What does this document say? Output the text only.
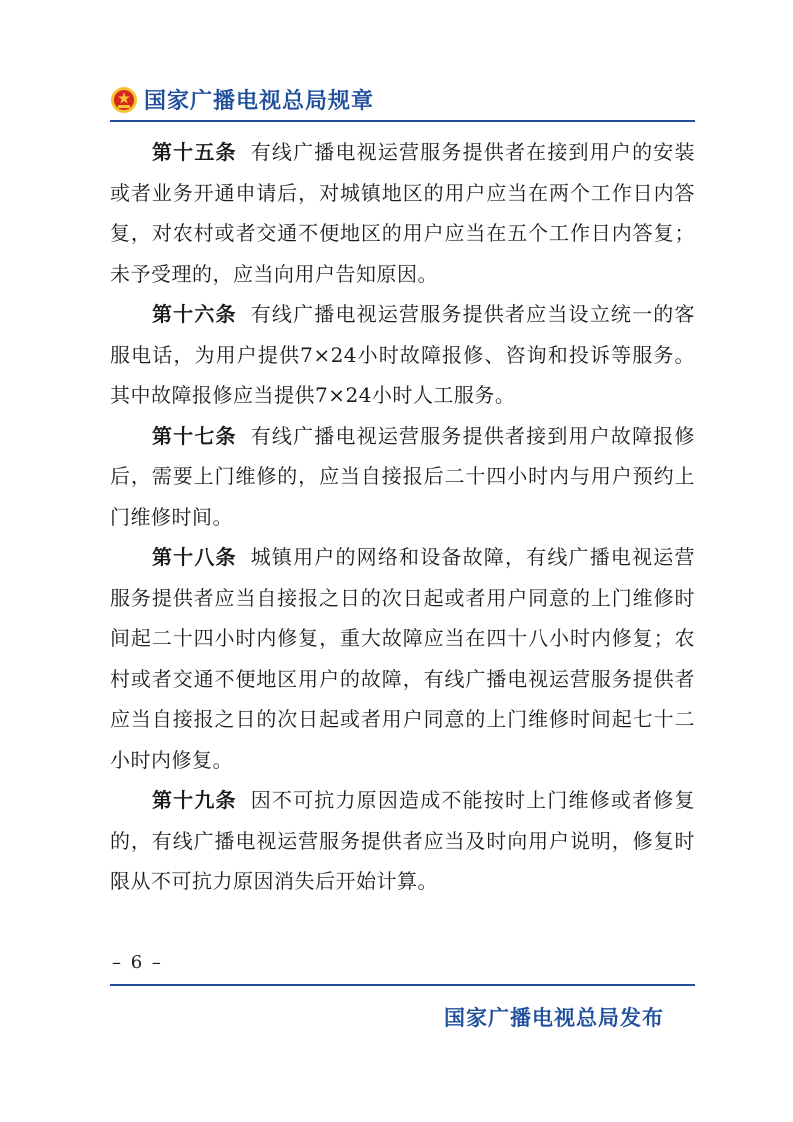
国家广播电视总局规章

第十五条 有线广播电视运营服务提供者在接到用户的安装或者业务开通申请后，对城镇地区的用户应当在两个工作日内答复，对农村或者交通不便地区的用户应当在五个工作日内答复；未予受理的，应当向用户告知原因。

第十六条 有线广播电视运营服务提供者应当设立统一的客服电话，为用户提供7×24小时故障报修、咨询和投诉等服务。其中故障报修应当提供7×24小时人工服务。

第十七条 有线广播电视运营服务提供者接到用户故障报修后，需要上门维修的，应当自接报后二十四小时内与用户预约上门维修时间。

第十八条 城镇用户的网络和设备故障，有线广播电视运营服务提供者应当自接报之日的次日起或者用户同意的上门维修时间起二十四小时内修复，重大故障应当在四十八小时内修复；农村或者交通不便地区用户的故障，有线广播电视运营服务提供者应当自接报之日的次日起或者用户同意的上门维修时间起七十二小时内修复。

第十九条 因不可抗力原因造成不能按时上门维修或者修复的，有线广播电视运营服务提供者应当及时向用户说明，修复时限从不可抗力原因消失后开始计算。

– 6 –
国家广播电视总局发布
